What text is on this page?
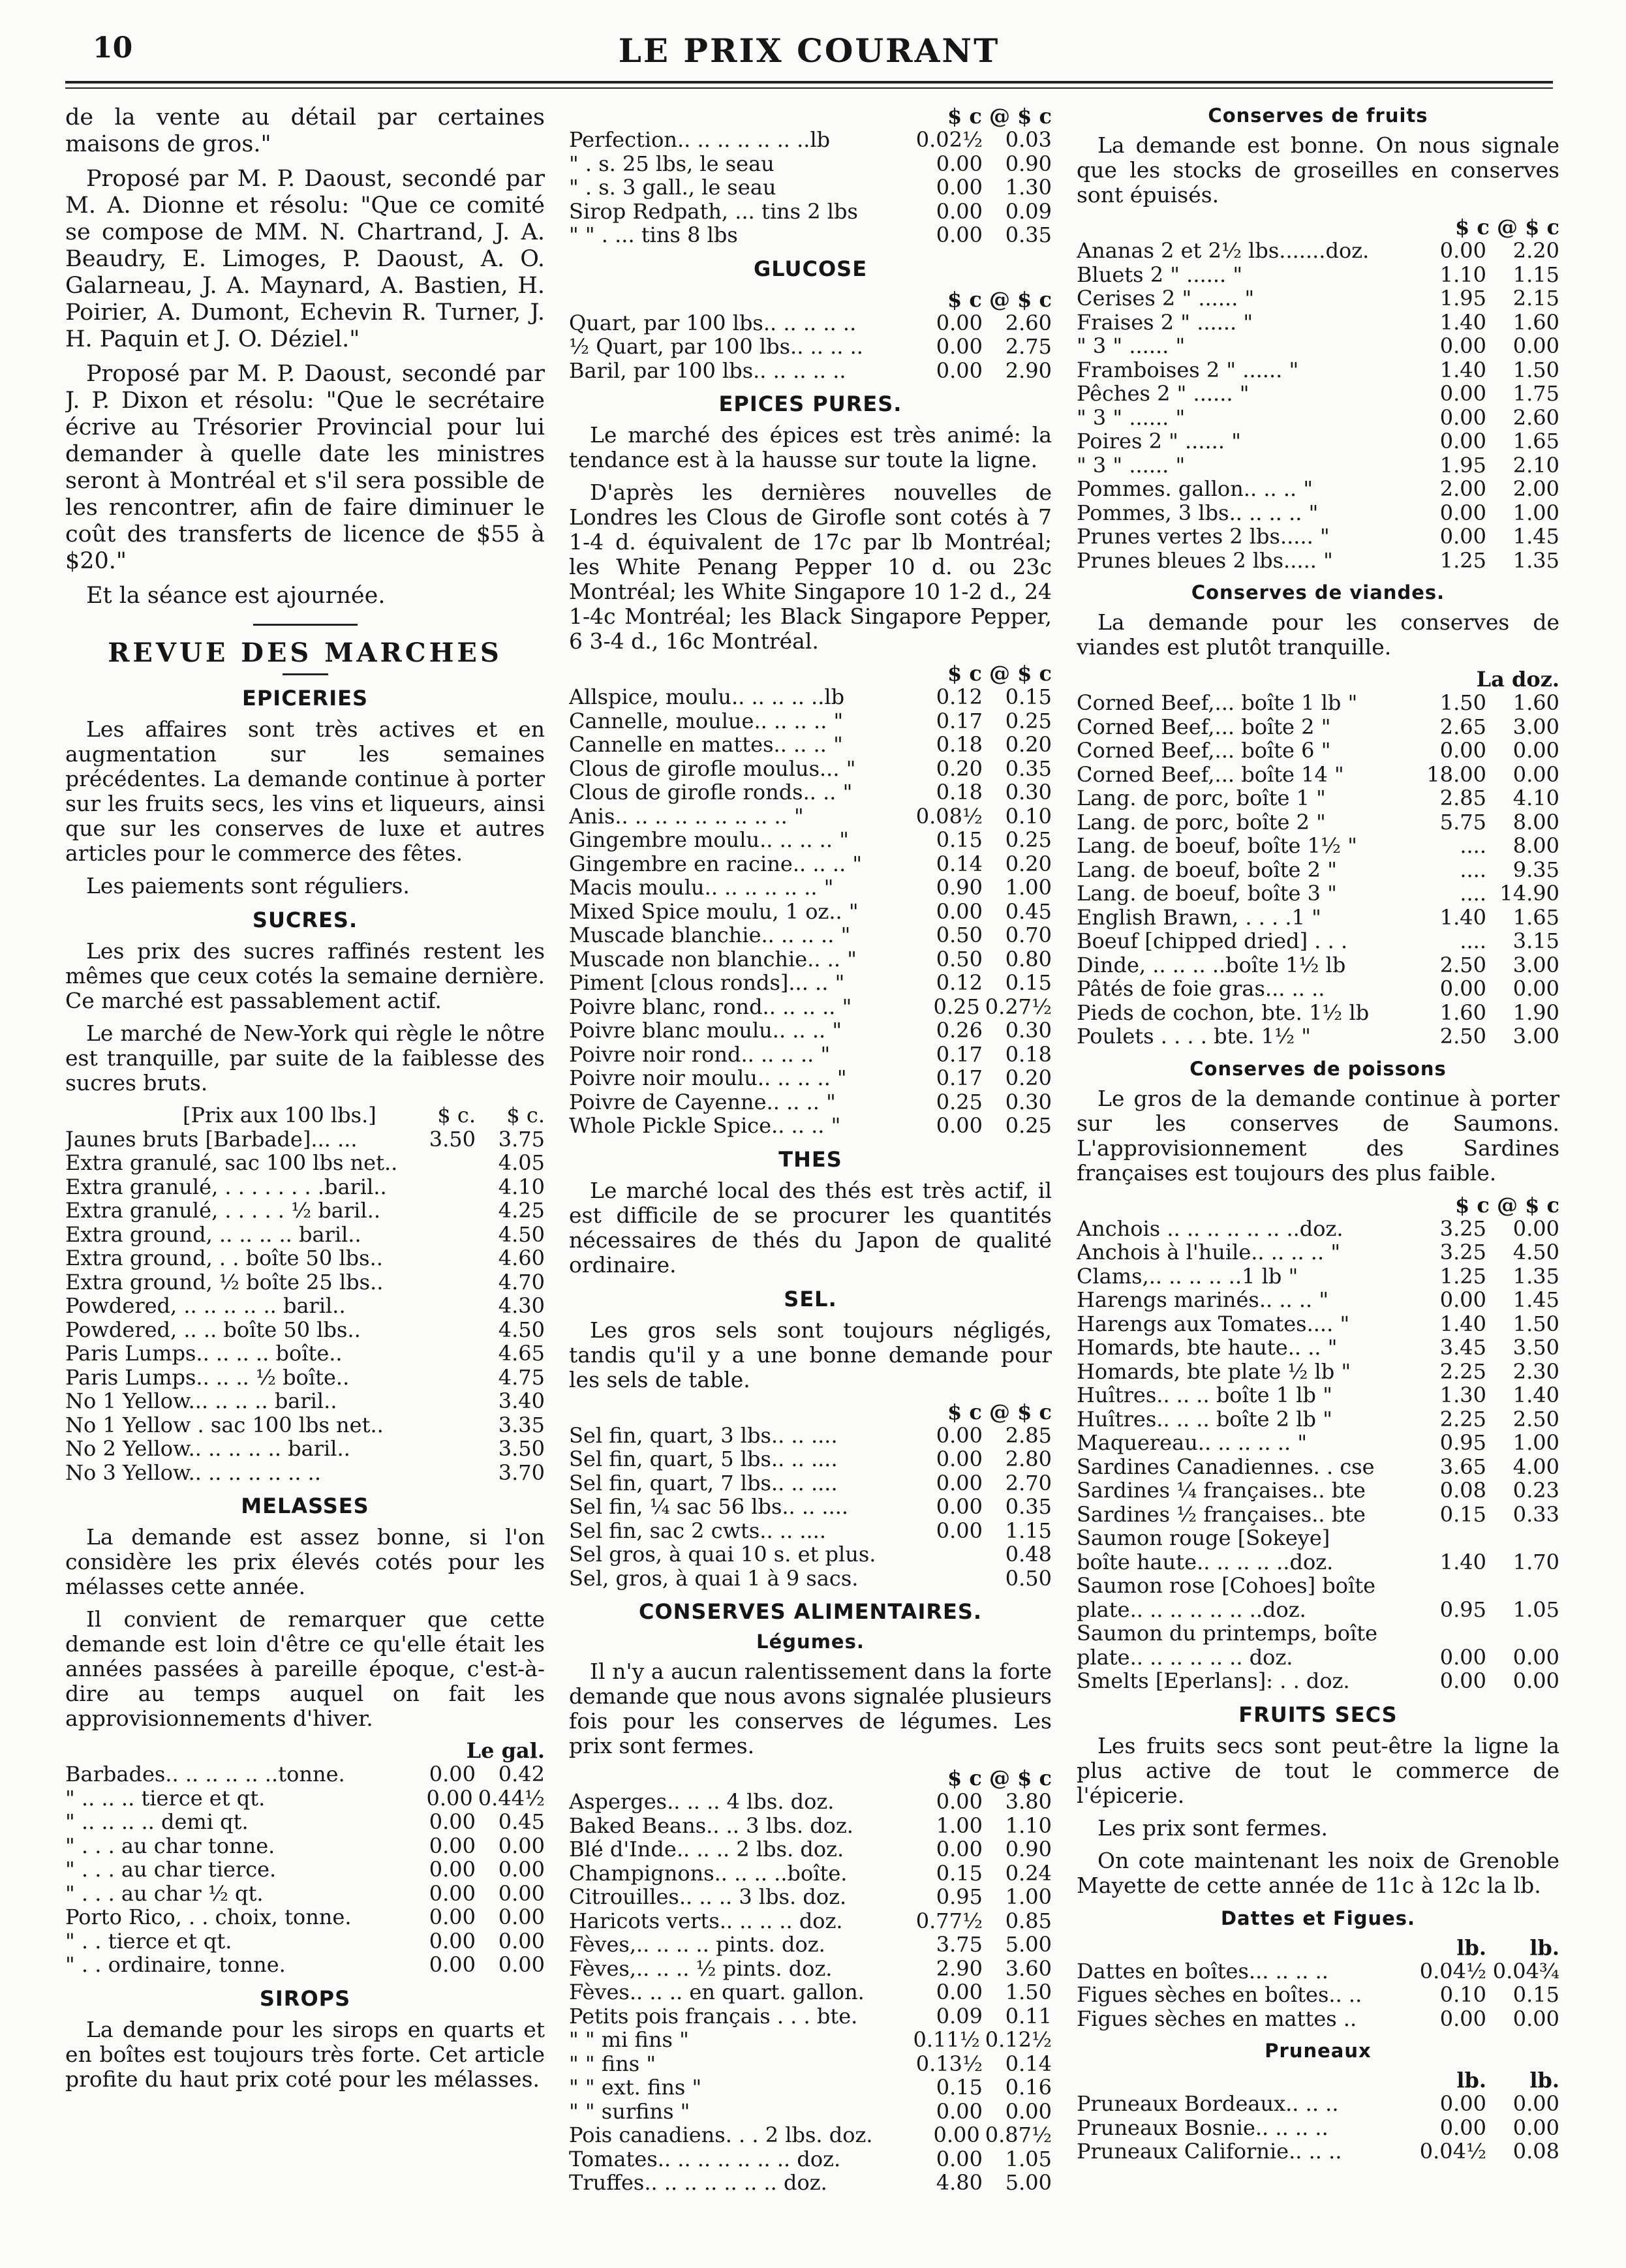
10	LE PRIX COURANT

de la vente au détail par certaines maisons de gros."

Proposé par M. P. Daoust, secondé par M. A. Dionne et résolu: "Que ce comité se compose de MM. N. Chartrand, J. A. Beaudry, E. Limoges, P. Daoust, A. O. Galarneau, J. A. Maynard, A. Bastien, H. Poirier, A. Dumont, Echevin R. Turner, J. H. Paquin et J. O. Déziel."

Proposé par M. P. Daoust, secondé par J. P. Dixon et résolu: "Que le secrétaire écrive au Trésorier Provincial pour lui demander à quelle date les ministres seront à Montréal et s'il sera possible de les rencontrer, afin de faire diminuer le coût des transferts de licence de $55 à $20."

Et la séance est ajournée.

REVUE DES MARCHES
EPICERIES

Les affaires sont très actives et en augmentation sur les semaines précédentes. La demande continue à porter sur les fruits secs, les vins et liqueurs, ainsi que sur les conserves de luxe et autres articles pour le commerce des fêtes.

Les paiements sont réguliers.

SUCRES.

Les prix des sucres raffinés restent les mêmes que ceux cotés la semaine dernière. Ce marché est passablement actif.

Le marché de New-York qui règle le nôtre est tranquille, par suite de la faiblesse des sucres bruts.

[Prix aux 100 lbs.]	$ c.	$ c.
Jaunes bruts [Barbade]... ...	3.50	3.75
Extra granulé, sac 100 lbs net..	4.05
Extra granulé, . . . . . . . .baril..	4.10
Extra granulé, . . . . . ½ baril..	4.25
Extra ground, .. .. .. .. baril..	4.50
Extra ground, . . boîte 50 lbs..	4.60
Extra ground, ½ boîte 25 lbs..	4.70
Powdered, .. .. .. .. .. baril..	4.30
Powdered, .. .. boîte 50 lbs..	4.50
Paris Lumps.. .. .. .. boîte..	4.65
Paris Lumps.. .. .. ½ boîte..	4.75
No 1 Yellow... .. .. .. baril..	3.40
No 1 Yellow . sac 100 lbs net..	3.35
No 2 Yellow.. .. .. .. .. baril..	3.50
No 3 Yellow.. .. .. .. .. .. ..	3.70
MELASSES

La demande est assez bonne, si l'on considère les prix élevés cotés pour les mélasses cette année.

Il convient de remarquer que cette demande est loin d'être ce qu'elle était les années passées à pareille époque, c'est-à-dire au temps auquel on fait les approvisionnements d'hiver.

Le gal.
Barbades.. .. .. .. .. ..tonne.	0.00	0.42
" .. .. .. tierce et qt.	0.00 0.44½
" .. .. .. .. demi qt.	0.00	0.45
" . . . au char tonne.	0.00	0.00
" . . . au char tierce.	0.00	0.00
" . . . au char ½ qt.	0.00	0.00
Porto Rico, . . choix, tonne.	0.00	0.00
" . . tierce et qt.	0.00	0.00
" . . ordinaire, tonne.	0.00	0.00
SIROPS

La demande pour les sirops en quarts et en boîtes est toujours très forte. Cet article profite du haut prix coté pour les mélasses.

$ c @ $ c
Perfection.. .. .. .. .. .. ..lb	0.02½	0.03
" . s. 25 lbs, le seau	0.00	0.90
" . s. 3 gall., le seau	0.00	1.30
Sirop Redpath, ... tins 2 lbs	0.00	0.09
" " . ... tins 8 lbs	0.00	0.35
GLUCOSE
$ c @ $ c
Quart, par 100 lbs.. .. .. .. ..	0.00	2.60
½ Quart, par 100 lbs.. .. .. ..	0.00	2.75
Baril, par 100 lbs.. .. .. .. ..	0.00	2.90
EPICES PURES.

Le marché des épices est très animé: la tendance est à la hausse sur toute la ligne.

D'après les dernières nouvelles de Londres les Clous de Girofle sont cotés à 7 1-4 d. équivalent de 17c par lb Montréal; les White Penang Pepper 10 d. ou 23c Montréal; les White Singapore 10 1-2 d., 24 1-4c Montréal; les Black Singapore Pepper, 6 3-4 d., 16c Montréal.

$ c @ $ c
Allspice, moulu.. .. .. .. ..lb	0.12	0.15
Cannelle, moulue.. .. .. .. "	0.17	0.25
Cannelle en mattes.. .. .. "	0.18	0.20
Clous de girofle moulus... "	0.20	0.35
Clous de girofle ronds.. .. "	0.18	0.30
Anis.. .. .. .. .. .. .. .. .. "	0.08½	0.10
Gingembre moulu.. .. .. .. "	0.15	0.25
Gingembre en racine.. .. .. "	0.14	0.20
Macis moulu.. .. .. .. .. .. "	0.90	1.00
Mixed Spice moulu, 1 oz.. "	0.00	0.45
Muscade blanchie.. .. .. .. "	0.50	0.70
Muscade non blanchie.. .. "	0.50	0.80
Piment [clous ronds]... .. "	0.12	0.15
Poivre blanc, rond.. .. .. .. "	0.25 0.27½
Poivre blanc moulu.. .. .. "	0.26	0.30
Poivre noir rond.. .. .. .. "	0.17	0.18
Poivre noir moulu.. .. .. .. "	0.17	0.20
Poivre de Cayenne.. .. .. "	0.25	0.30
Whole Pickle Spice.. .. .. "	0.00	0.25
THES

Le marché local des thés est très actif, il est difficile de se procurer les quantités nécessaires de thés du Japon de qualité ordinaire.

SEL.

Les gros sels sont toujours négligés, tandis qu'il y a une bonne demande pour les sels de table.

$ c @ $ c
Sel fin, quart, 3 lbs.. .. ....	0.00	2.85
Sel fin, quart, 5 lbs.. .. ....	0.00	2.80
Sel fin, quart, 7 lbs.. .. ....	0.00	2.70
Sel fin, ¼ sac 56 lbs.. .. ....	0.00	0.35
Sel fin, sac 2 cwts.. .. ....	0.00	1.15
Sel gros, à quai 10 s. et plus.	0.48
Sel, gros, à quai 1 à 9 sacs.	0.50
CONSERVES ALIMENTAIRES.
Légumes.

Il n'y a aucun ralentissement dans la forte demande que nous avons signalée plusieurs fois pour les conserves de légumes. Les prix sont fermes.

$ c @ $ c
Asperges.. .. .. 4 lbs. doz.	0.00	3.80
Baked Beans.. .. 3 lbs. doz.	1.00	1.10
Blé d'Inde.. .. .. 2 lbs. doz.	0.00	0.90
Champignons.. .. .. ..boîte.	0.15	0.24
Citrouilles.. .. .. 3 lbs. doz.	0.95	1.00
Haricots verts.. .. .. .. doz.	0.77½	0.85
Fèves,.. .. .. .. pints. doz.	3.75	5.00
Fèves,.. .. .. ½ pints. doz.	2.90	3.60
Fèves.. .. .. en quart. gallon.	0.00	1.50
Petits pois français . . . bte.	0.09	0.11
" " mi fins "	0.11½ 0.12½
" " fins "	0.13½	0.14
" " ext. fins "	0.15	0.16
" " surfins "	0.00	0.00
Pois canadiens. . . 2 lbs. doz.	0.00 0.87½
Tomates.. .. .. .. .. .. .. doz.	0.00	1.05
Truffes.. .. .. .. .. .. .. doz.	4.80	5.00
Conserves de fruits

La demande est bonne. On nous signale que les stocks de groseilles en conserves sont épuisés.

$ c @ $ c
Ananas 2 et 2½ lbs.......doz.	0.00	2.20
Bluets 2 " ...... "	1.10	1.15
Cerises 2 " ...... "	1.95	2.15
Fraises 2 " ...... "	1.40	1.60
" 3 " ...... "	0.00	0.00
Framboises 2 " ...... "	1.40	1.50
Pêches 2 " ...... "	0.00	1.75
" 3 " ...... "	0.00	2.60
Poires 2 " ...... "	0.00	1.65
" 3 " ...... "	1.95	2.10
Pommes. gallon.. .. .. "	2.00	2.00
Pommes, 3 lbs.. .. .. .. "	0.00	1.00
Prunes vertes 2 lbs..... "	0.00	1.45
Prunes bleues 2 lbs..... "	1.25	1.35
Conserves de viandes.

La demande pour les conserves de viandes est plutôt tranquille.

La doz.
Corned Beef,... boîte 1 lb "	1.50	1.60
Corned Beef,... boîte 2 "	2.65	3.00
Corned Beef,... boîte 6 "	0.00	0.00
Corned Beef,... boîte 14 "	18.00	0.00
Lang. de porc, boîte 1 "	2.85	4.10
Lang. de porc, boîte 2 "	5.75	8.00
Lang. de boeuf, boîte 1½ "	....	8.00
Lang. de boeuf, boîte 2 "	....	9.35
Lang. de boeuf, boîte 3 "	.... 14.90
English Brawn, . . . .1 "	1.40	1.65
Boeuf [chipped dried] . . .	....	3.15
Dinde, .. .. .. ..boîte 1½ lb	2.50	3.00
Pâtés de foie gras... .. ..	0.00	0.00
Pieds de cochon, bte. 1½ lb	1.60	1.90
Poulets . . . . bte. 1½ "	2.50	3.00
Conserves de poissons

Le gros de la demande continue à porter sur les conserves de Saumons. L'approvisionnement des Sardines françaises est toujours des plus faible.

$ c @ $ c
Anchois .. .. .. .. .. .. ..doz.	3.25	0.00
Anchois à l'huile.. .. .. .. "	3.25	4.50
Clams,.. .. .. .. ..1 lb "	1.25	1.35
Harengs marinés.. .. .. "	0.00	1.45
Harengs aux Tomates.... "	1.40	1.50
Homards, bte haute.. .. "	3.45	3.50
Homards, bte plate ½ lb "	2.25	2.30
Huîtres.. .. .. boîte 1 lb "	1.30	1.40
Huîtres.. .. .. boîte 2 lb "	2.25	2.50
Maquereau.. .. .. .. .. "	0.95	1.00
Sardines Canadiennes. . cse	3.65	4.00
Sardines ¼ françaises.. bte	0.08	0.23
Sardines ½ françaises.. bte	0.15	0.33
Saumon rouge [Sokeye]
boîte haute.. .. .. .. ..doz.	1.40	1.70
Saumon rose [Cohoes] boîte
plate.. .. .. .. .. .. ..doz.	0.95	1.05
Saumon du printemps, boîte
plate.. .. .. .. .. .. doz.	0.00	0.00
Smelts [Eperlans]: . . doz.	0.00	0.00
FRUITS SECS

Les fruits secs sont peut-être la ligne la plus active de tout le commerce de l'épicerie.

Les prix sont fermes.

On cote maintenant les noix de Grenoble Mayette de cette année de 11c à 12c la lb.

Dattes et Figues.
lb.	lb.
Dattes en boîtes... .. .. ..	0.04½ 0.04¾
Figues sèches en boîtes.. ..	0.10	0.15
Figues sèches en mattes ..	0.00	0.00
Pruneaux
lb.	lb.
Pruneaux Bordeaux.. .. ..	0.00	0.00
Pruneaux Bosnie.. .. .. ..	0.00	0.00
Pruneaux Californie.. .. ..	0.04½	0.08
